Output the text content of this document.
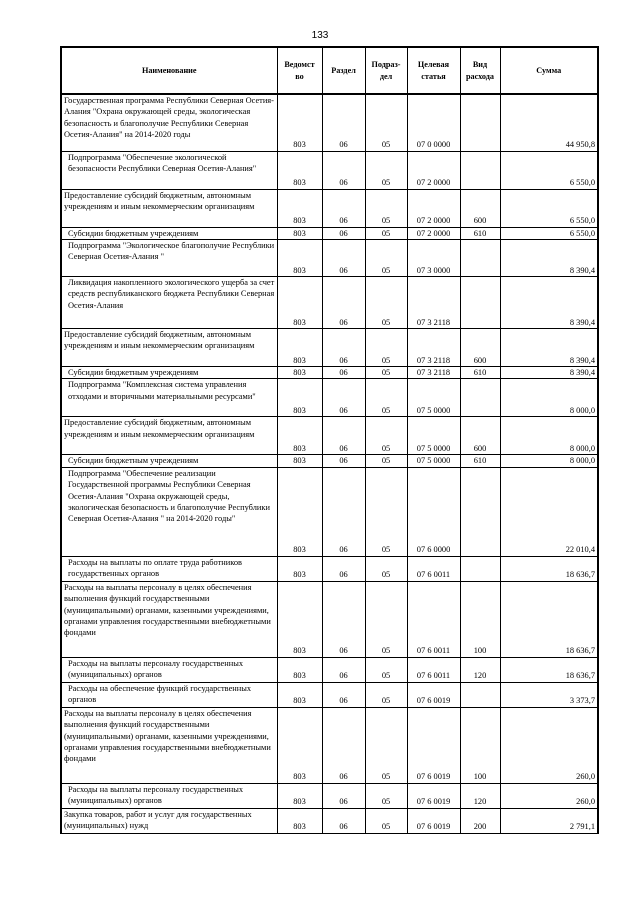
133
Наименование	Ведомст во	Раздел	Подраз- дел	Целевая статья	Вид расхода	Сумма
Государственная программа Республики Северная Осетия-Алания "Охрана окружающей среды, экологическая безопасность и благополучие Республики Северная Осетия-Алания" на 2014-2020 годы	803	06	05	07 0 0000		44 950,8
Подпрограмма "Обеспечение экологической безопасности Республики Северная Осетия-Алания"	803	06	05	07 2 0000		6 550,0
Предоставление субсидий бюджетным, автономным учреждениям и иным некоммерческим организациям	803	06	05	07 2 0000	600	6 550,0
Субсидии бюджетным учреждениям	803	06	05	07 2 0000	610	6 550,0
Подпрограмма "Экологическое благополучие Республики Северная Осетия-Алания "	803	06	05	07 3 0000		8 390,4
Ликвидация накопленного экологического ущерба за счет средств республиканского бюджета Республики Северная Осетия-Алания	803	06	05	07 3 2118		8 390,4
Предоставление субсидий бюджетным, автономным учреждениям и иным некоммерческим организациям	803	06	05	07 3 2118	600	8 390,4
Субсидии бюджетным учреждениям	803	06	05	07 3 2118	610	8 390,4
Подпрограмма "Комплексная система управления отходами и вторичными материальными ресурсами"	803	06	05	07 5 0000		8 000,0
Предоставление субсидий бюджетным, автономным учреждениям и иным некоммерческим организациям	803	06	05	07 5 0000	600	8 000,0
Субсидии бюджетным учреждениям	803	06	05	07 5 0000	610	8 000,0
Подпрограмма "Обеспечение реализации Государственной программы Республики Северная Осетия-Алания "Охрана окружающей среды, экологическая безопасность и благополучие Республики Северная Осетия-Алания " на 2014-2020 годы"	803	06	05	07 6 0000		22 010,4
Расходы на выплаты по оплате труда работников государственных органов	803	06	05	07 6 0011		18 636,7
Расходы на выплаты персоналу в целях обеспечения выполнения функций государственными (муниципальными) органами, казенными учреждениями, органами управления государственными внебюджетными фондами	803	06	05	07 6 0011	100	18 636,7
Расходы на выплаты персоналу государственных (муниципальных) органов	803	06	05	07 6 0011	120	18 636,7
Расходы на обеспечение функций государственных органов	803	06	05	07 6 0019		3 373,7
Расходы на выплаты персоналу в целях обеспечения выполнения функций государственными (муниципальными) органами, казенными учреждениями, органами управления государственными внебюджетными фондами	803	06	05	07 6 0019	100	260,0
Расходы на выплаты персоналу государственных (муниципальных) органов	803	06	05	07 6 0019	120	260,0
Закупка товаров, работ и услуг для государственных (муниципальных) нужд	803	06	05	07 6 0019	200	2 791,1
